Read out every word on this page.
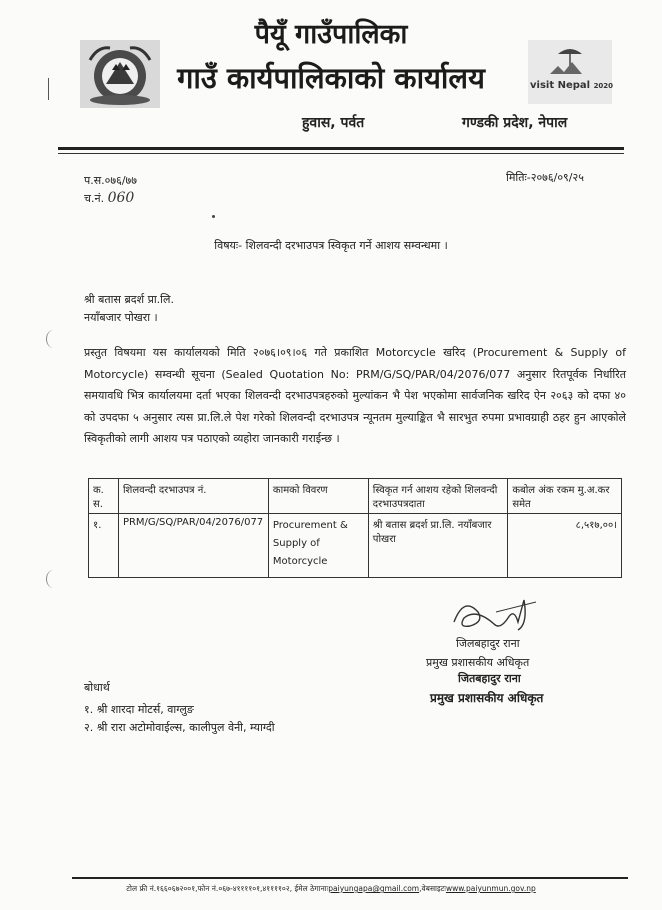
visit Nepal 2020
पैयूँ गाउँपालिका
गाउँ कार्यपालिकाको कार्यालय
हुवास, पर्वत	गण्डकी प्रदेश, नेपाल
प.स.०७६/७७
च.नं. 060
मितिः-२०७६/०९/२५
विषयः- शिलवन्दी दरभाउपत्र स्विकृत गर्ने आशय सम्वन्धमा ।
श्री बतास ब्रदर्श प्रा.लि.
नयाँबजार पोखरा ।
प्रस्तुत विषयमा यस कार्यालयको मिति २०७६।०९।०६ गते प्रकाशित Motorcycle खरिद (Procurement & Supply of Motorcycle) सम्वन्धी सूचना (Sealed Quotation No: PRM/G/SQ/PAR/04/2076/077 अनुसार रितपूर्वक निर्धारित समयावधि भित्र कार्यालयमा दर्ता भएका शिलवन्दी दरभाउपत्रहरुको मुल्यांकन भै पेश भएकोमा सार्वजनिक खरिद ऐन २०६३ को दफा ४० को उपदफा ५ अनुसार त्यस प्रा.लि.ले पेश गरेको शिलवन्दी दरभाउपत्र न्यूनतम मुल्याङ्कित भै सारभुत रुपमा प्रभावग्राही ठहर हुन आएकोले स्विकृतीको लागी आशय पत्र पठाएको व्यहोरा जानकारी गराईन्छ ।
क. स.	शिलवन्दी दरभाउपत्र नं.	कामको विवरण	स्विकृत गर्न आशय रहेको शिलवन्दी दरभाउपत्रदाता	कबोल अंक रकम मु.अ.कर समेत
१.	PRM/G/SQ/PAR/04/2076/077	Procurement & Supply of Motorcycle	श्री बतास ब्रदर्श प्रा.लि. नयाँबजार पोखरा	८,५१७,००।
जिलबहादुर राना
प्रमुख प्रशासकीय अधिकृत
जितबहादुर राना
प्रमुख प्रशासकीय अधिकृत
बोधार्थ
१. श्री शारदा मोटर्स, वाग्लुङ
२. श्री रारा अटोमोवाईल्स, कालीपुल वेनी, म्याग्दी
टोल फ्री नं.१६६०६७२००१,फोन नं.०६७-४११११०१,४११११०२, ईमेल ठेगानाःpaiyungapa@gmail.com,वेबसाइटःwww.paiyunmun.gov.np
